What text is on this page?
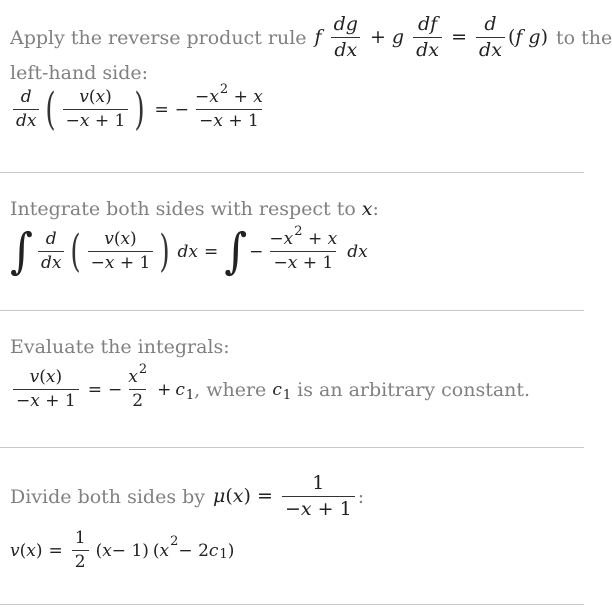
Apply the reverse product rule f $\frac{dg}{dx} + g \frac{df}{dx} = \frac{d}{dx} (f$ g) to the
left-hand side:
$\frac{d}{dx}$ ( $\frac{v(x)}{-x + 1}$ ) = − $\frac{-x^2 + x}{-x + 1}$
Integrate both sides with respect to x :
∫ $\frac{d}{dx}$ ( $\frac{v(x)}{-x + 1}$ ) dx = ∫ − $\frac{-x^2 + x}{-x + 1}$ dx
Evaluate the integrals:
$\frac{v(x)}{-x + 1}$ = − $\frac{x^2}{2} + c_1$ , where $c_1$ is an arbitrary constant.
Divide both sides by $\mu(x) = \frac{1}{-x + 1}$ :
v ( x ) = $\frac{1}{2}$ ( x − 1) ( x 2 − 2 c 1 )
